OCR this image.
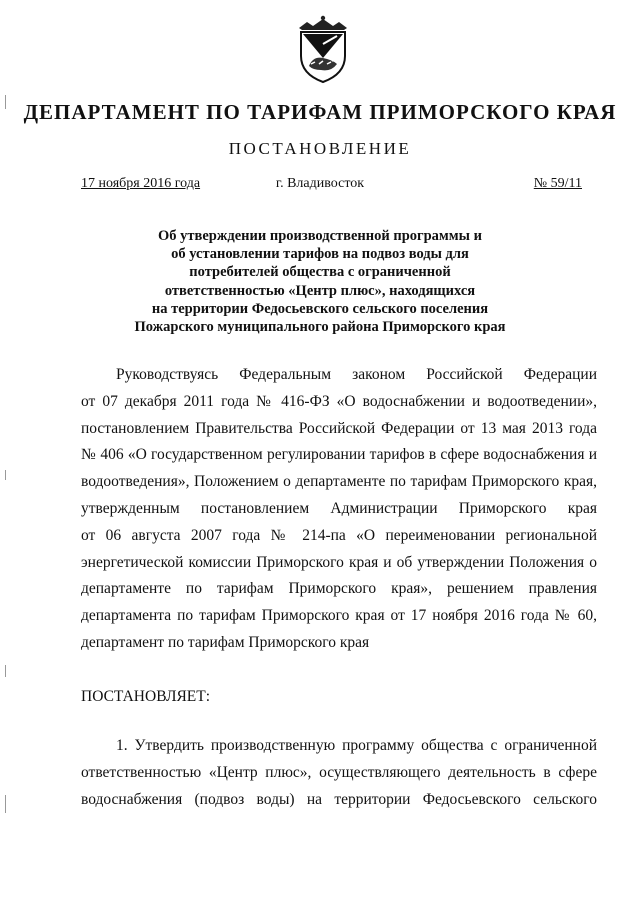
ДЕПАРТАМЕНТ ПО ТАРИФАМ ПРИМОРСКОГО КРАЯ
ПОСТАНОВЛЕНИЕ
17 ноября 2016 года	г. Владивосток	№ 59/11
Об утверждении производственной программы и
об установлении тарифов на подвоз воды для
потребителей общества с ограниченной
ответственностью «Центр плюс», находящихся
на территории Федосьевского сельского поселения
Пожарского муниципального района Приморского края
Руководствуясь Федеральным законом Российской Федерации
от 07 декабря 2011 года № 416-ФЗ «О водоснабжении и водоотведении»,
постановлением Правительства Российской Федерации от 13 мая 2013 года
№ 406 «О государственном регулировании тарифов в сфере водоснабжения и
водоотведения», Положением о департаменте по тарифам Приморского края,
утвержденным постановлением Администрации Приморского края
от 06 августа 2007 года № 214-па «О переименовании региональной
энергетической комиссии Приморского края и об утверждении Положения о
департаменте по тарифам Приморского края», решением правления
департамента по тарифам Приморского края от 17 ноября 2016 года № 60,
департамент по тарифам Приморского края
ПОСТАНОВЛЯЕТ:
1. Утвердить производственную программу общества с ограниченной
ответственностью «Центр плюс», осуществляющего деятельность в сфере
водоснабжения (подвоз воды) на территории Федосьевского сельского
